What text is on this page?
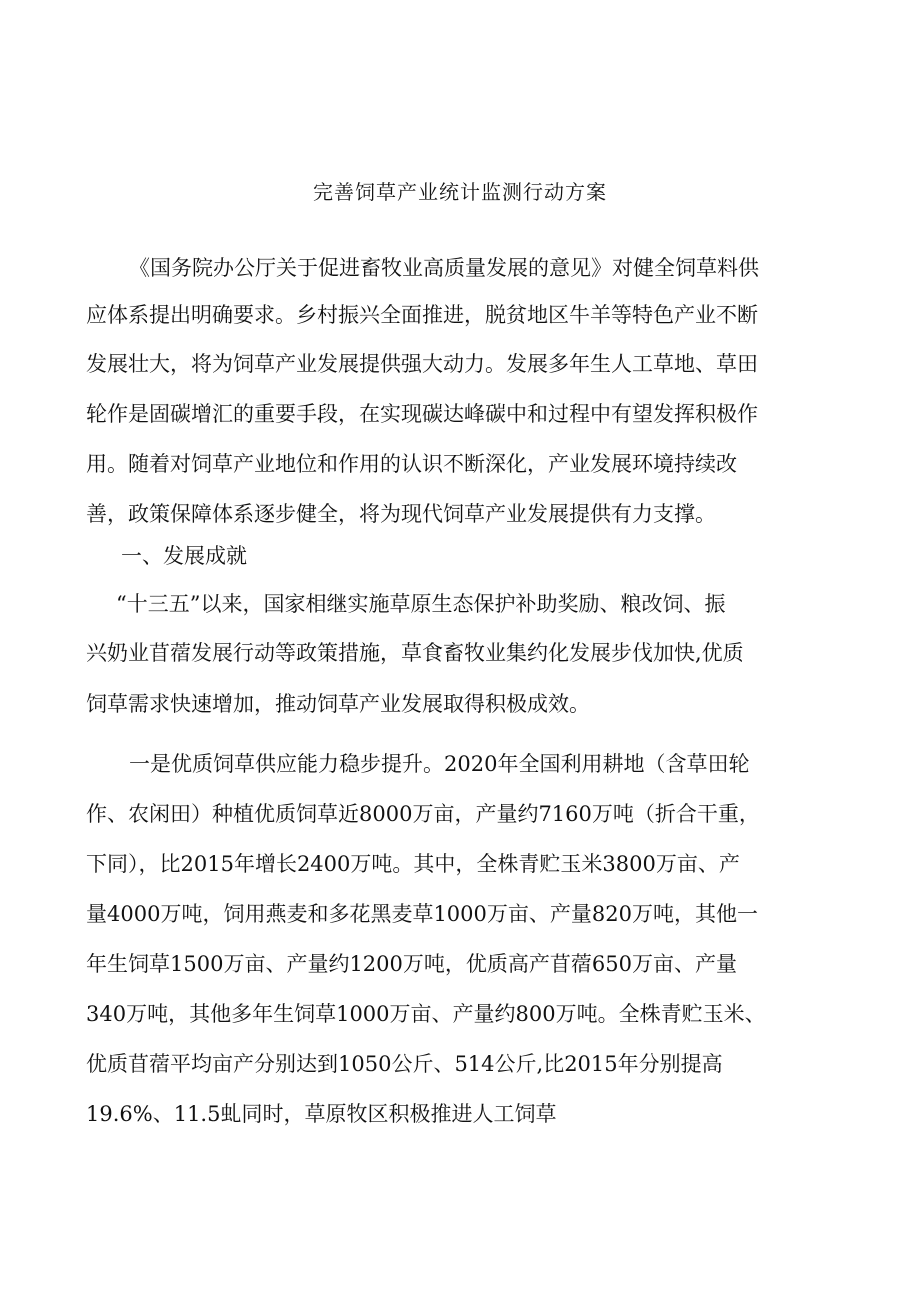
完善饲草产业统计监测行动方案
《国务院办公厅关于促进畜牧业高质量发展的意见》对健全饲草料供
应体系提出明确要求。乡村振兴全面推进，脱贫地区牛羊等特色产业不断
发展壮大，将为饲草产业发展提供强大动力。发展多年生人工草地、草田
轮作是固碳增汇的重要手段，在实现碳达峰碳中和过程中有望发挥积极作
用。随着对饲草产业地位和作用的认识不断深化，产业发展环境持续改
善，政策保障体系逐步健全，将为现代饲草产业发展提供有力支撑。
一、发展成就
“十三五”以来，国家相继实施草原生态保护补助奖励、粮改饲、振
兴奶业苜蓿发展行动等政策措施，草食畜牧业集约化发展步伐加快,优质
饲草需求快速增加，推动饲草产业发展取得积极成效。
一是优质饲草供应能力稳步提升。2020年全国利用耕地（含草田轮
作、农闲田）种植优质饲草近8000万亩，产量约7160万吨（折合干重，
下同），比2015年增长2400万吨。其中，全株青贮玉米3800万亩、产
量4000万吨，饲用燕麦和多花黑麦草1000万亩、产量820万吨，其他一
年生饲草1500万亩、产量约1200万吨，优质高产苜蓿650万亩、产量
340万吨，其他多年生饲草1000万亩、产量约800万吨。全株青贮玉米、
优质苜蓿平均亩产分别达到1050公斤、514公斤,比2015年分别提高
19.6%、11.5虬同时，草原牧区积极推进人工饲草
